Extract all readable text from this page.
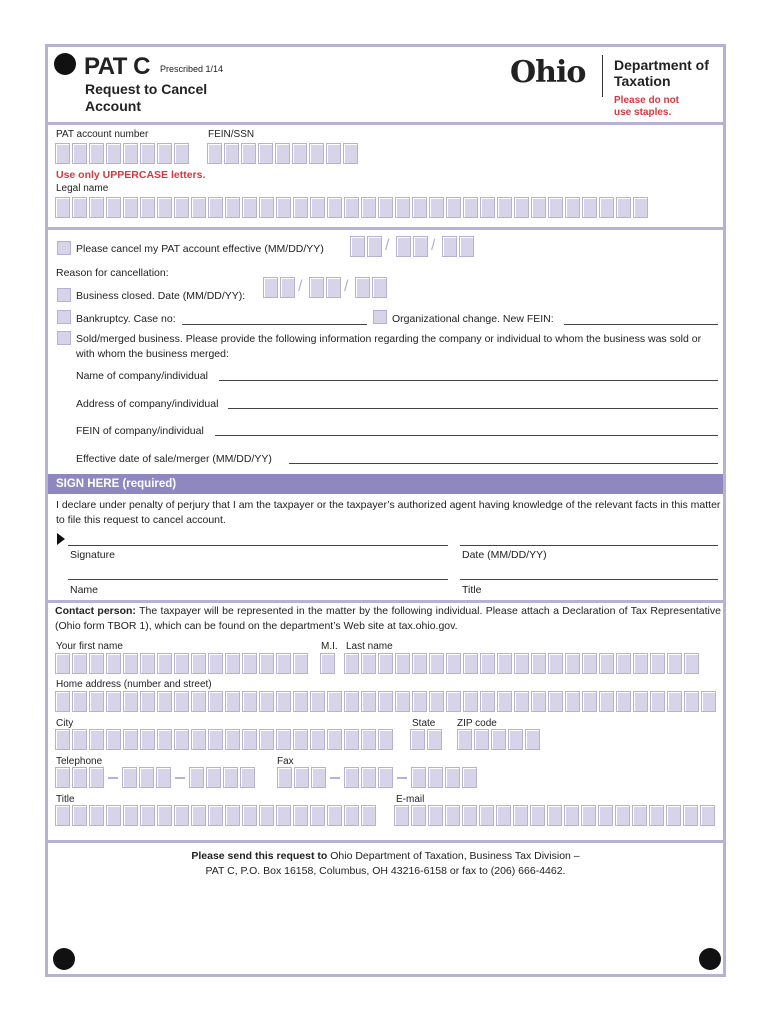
PAT C Prescribed 1/14
Request to Cancel Account
Ohio Department of Taxation
Please do not use staples.
PAT account number	FEIN/SSN
Use only UPPERCASE letters.
Legal name
Please cancel my PAT account effective (MM/DD/YY)
/
/
Reason for cancellation:
Business closed. Date (MM/DD/YY):
/
/
Bankruptcy. Case no:	Organizational change. New FEIN:
Sold/merged business. Please provide the following information regarding the company or individual to whom the business was sold or with whom the business merged:
Name of company/individual
Address of company/individual
FEIN of company/individual
Effective date of sale/merger (MM/DD/YY)
SIGN HERE (required)
I declare under penalty of perjury that I am the taxpayer or the taxpayer’s authorized agent having knowledge of the relevant facts in this matter to file this request to cancel account.
Signature	Date (MM/DD/YY)
Name	Title
Contact person: The taxpayer will be represented in the matter by the following individual. Please attach a Declaration of Tax Representative (Ohio form TBOR 1), which can be found on the department’s Web site at tax.ohio.gov.
Your first name	M.I. Last name
Home address (number and street)
City	State ZIP code
Telephone	Fax
Title	E-mail
Please send this request to Ohio Department of Taxation, Business Tax Division –
PAT C, P.O. Box 16158, Columbus, OH 43216-6158 or fax to (206) 666-4462.
